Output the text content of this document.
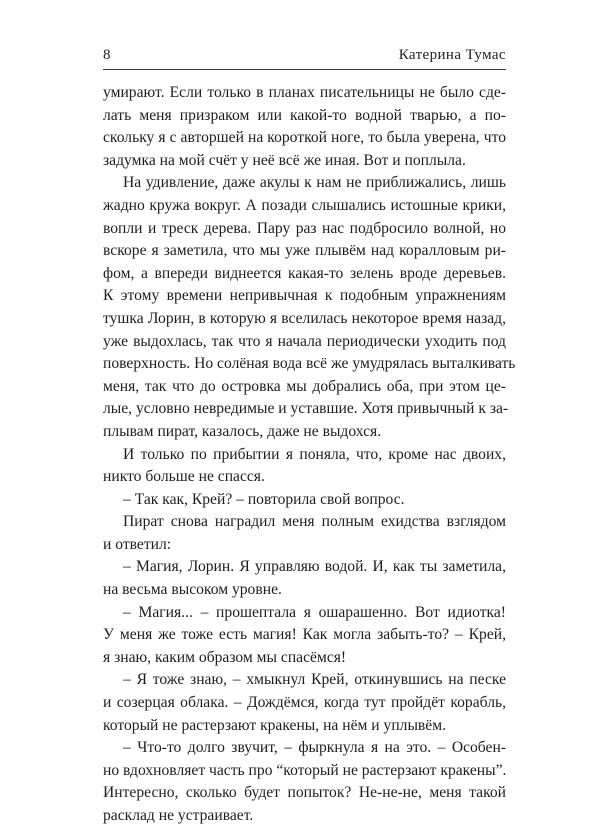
8	Катерина Тумас
умирают. Если только в планах писательницы не было сде-
лать меня призраком или какой-то водной тварью, а по-
скольку я с авторшей на короткой ноге, то была уверена, что
задумка на мой счёт у неё всё же иная. Вот и поплыла.
На удивление, даже акулы к нам не приближались, лишь
жадно кружа вокруг. А позади слышались истошные крики,
вопли и треск дерева. Пару раз нас подбросило волной, но
вскоре я заметила, что мы уже плывём над коралловым ри-
фом, а впереди виднеется какая-то зелень вроде деревьев.
К этому времени непривычная к подобным упражнениям
тушка Лорин, в которую я вселилась некоторое время назад,
уже выдохлась, так что я начала периодически уходить под
поверхность. Но солёная вода всё же умудрялась выталкивать
меня, так что до островка мы добрались оба, при этом це-
лые, условно невредимые и уставшие. Хотя привычный к за-
плывам пират, казалось, даже не выдохся.
И только по прибытии я поняла, что, кроме нас двоих,
никто больше не спасся.
– Так как, Крей? – повторила свой вопрос.
Пират снова наградил меня полным ехидства взглядом
и ответил:
– Магия, Лорин. Я управляю водой. И, как ты заметила,
на весьма высоком уровне.
– Магия... – прошептала я ошарашенно. Вот идиотка!
У меня же тоже есть магия! Как могла забыть-то? – Крей,
я знаю, каким образом мы спасёмся!
– Я тоже знаю, – хмыкнул Крей, откинувшись на песке
и созерцая облака. – Дождёмся, когда тут пройдёт корабль,
который не растерзают кракены, на нём и уплывём.
– Что-то долго звучит, – фыркнула я на это. – Особен-
но вдохновляет часть про “который не растерзают кракены”.
Интересно, сколько будет попыток? Не-не-не, меня такой
расклад не устраивает.
